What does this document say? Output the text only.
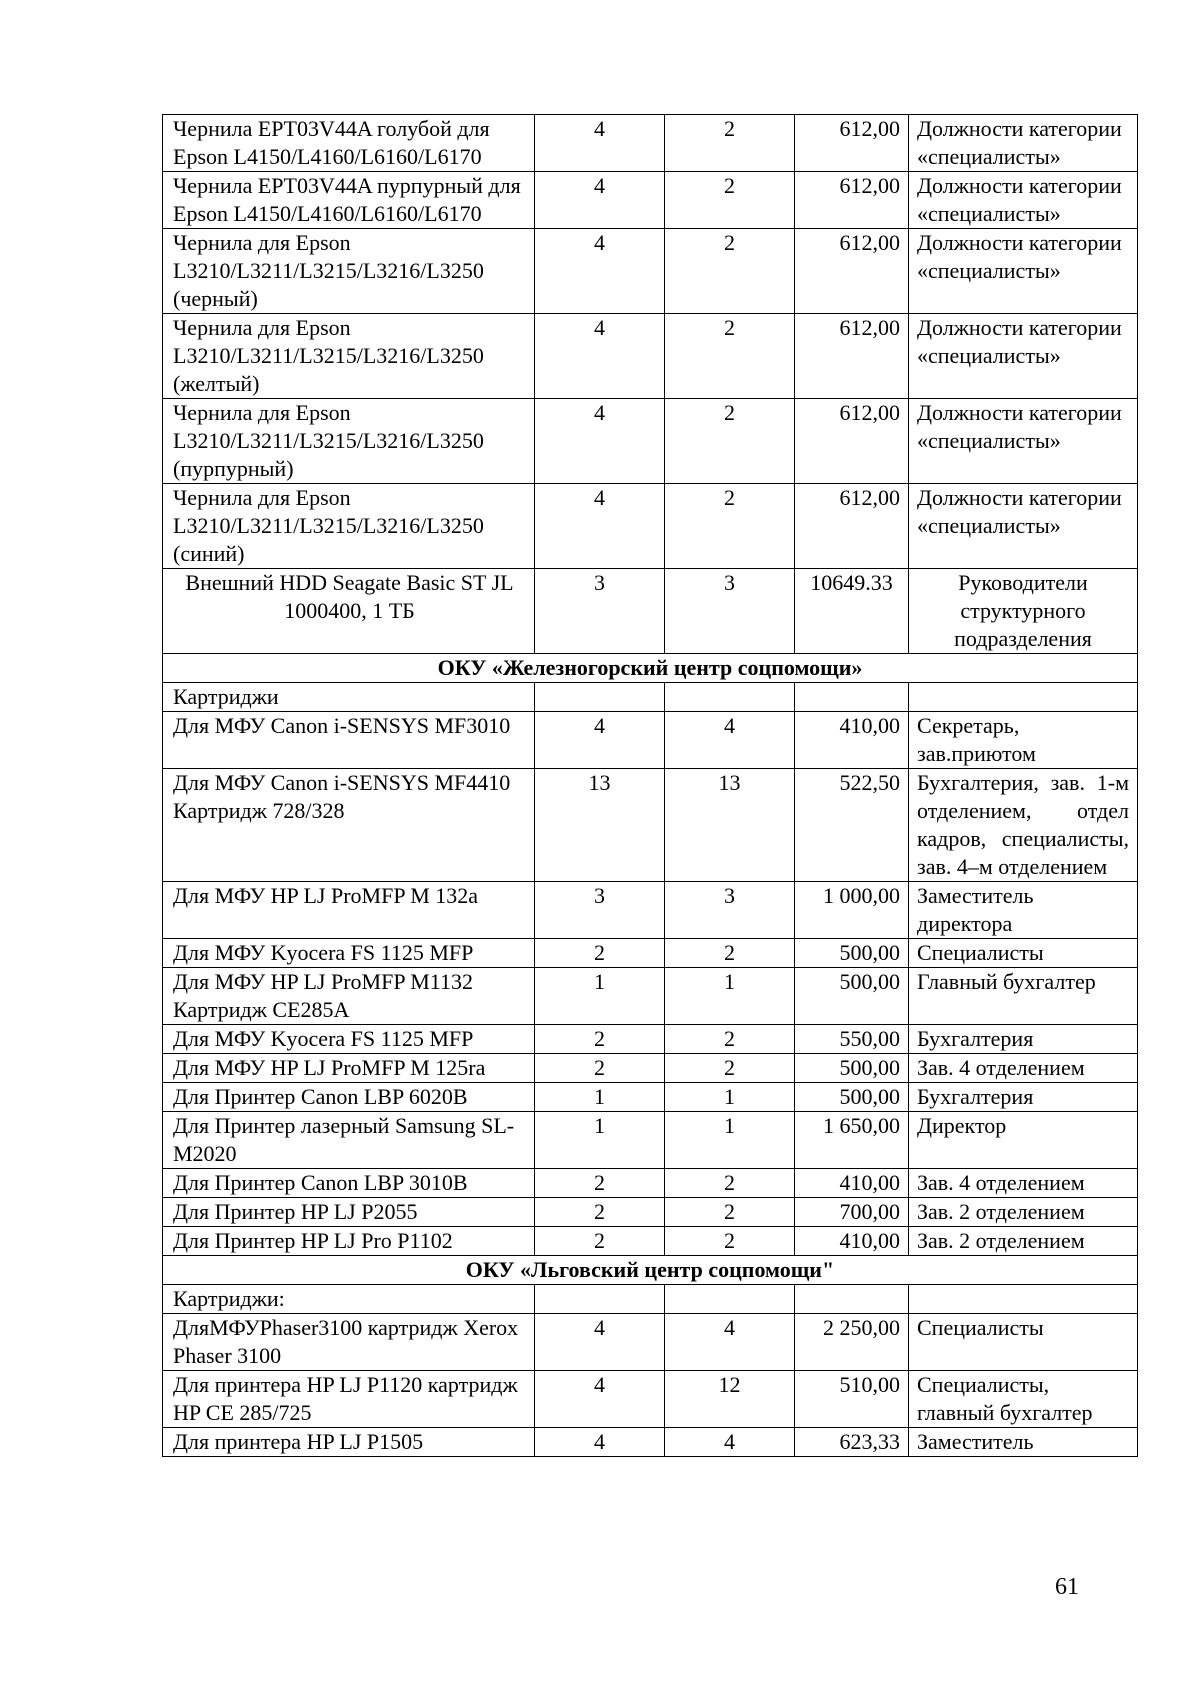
Чернила EPT03V44A голубой для Epson L4150/L4160/L6160/L6170	4	2	612,00	Должности категории «специалисты»
Чернила EPT03V44A пурпурный для Epson L4150/L4160/L6160/L6170	4	2	612,00	Должности категории «специалисты»
Чернила для Epson L3210/L3211/L3215/L3216/L3250 (черный)	4	2	612,00	Должности категории «специалисты»
Чернила для Epson L3210/L3211/L3215/L3216/L3250 (желтый)	4	2	612,00	Должности категории «специалисты»
Чернила для Epson L3210/L3211/L3215/L3216/L3250 (пурпурный)	4	2	612,00	Должности категории «специалисты»
Чернила для Epson L3210/L3211/L3215/L3216/L3250 (синий)	4	2	612,00	Должности категории «специалисты»
Внешний HDD Seagate Basic ST JL 1000400, 1 ТБ	3	3	10649.33	Руководители структурного подразделения
ОКУ «Железногорский центр соцпомощи»				
Картриджи				
Для МФУ Canon i-SENSYS MF3010	4	4	410,00	Секретарь, зав.приютом
Для МФУ Canon i-SENSYS MF4410 Картридж 728/328	13	13	522,50	Бухгалтерия, зав. 1-м отделением, отдел кадров, специалисты, зав. 4–м отделением
Для МФУ HP LJ ProMFP M 132a	3	3	1 000,00	Заместитель директора
Для МФУ Kyocera FS 1125 MFP	2	2	500,00	Специалисты
Для МФУ HP LJ ProMFP M1132 Картридж CE285A	1	1	500,00	Главный бухгалтер
Для МФУ Kyocera FS 1125 MFP	2	2	550,00	Бухгалтерия
Для МФУ HP LJ ProMFP M 125ra	2	2	500,00	Зав. 4 отделением
Для Принтер Canon LBP 6020B	1	1	500,00	Бухгалтерия
Для Принтер лазерный Samsung SL-M2020	1	1	1 650,00	Директор
Для Принтер Canon LBP 3010B	2	2	410,00	Зав. 4 отделением
Для Принтер HP LJ P2055	2	2	700,00	Зав. 2 отделением
Для Принтер HP LJ Pro P1102	2	2	410,00	Зав. 2 отделением
ОКУ «Льговский центр соцпомощи"				
Картриджи:				
ДляМФУPhaser3100 картридж Xerox Phaser 3100	4	4	2 250,00	Специалисты
Для принтера HP LJ P1120 картридж HP CE 285/725	4	12	510,00	Специалисты, главный бухгалтер
Для принтера HP LJ P1505	4	4	623,33	Заместитель
61
